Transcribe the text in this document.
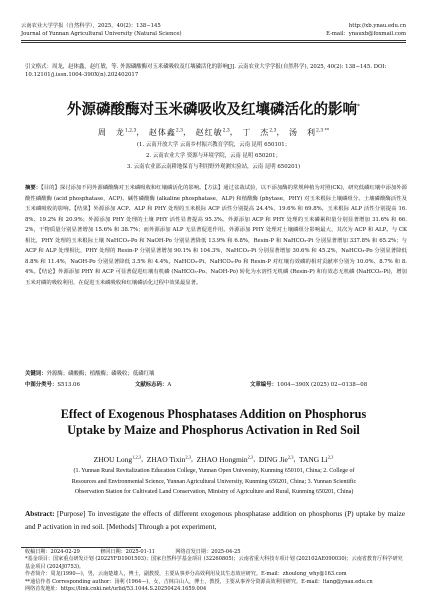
云南农业大学学报（自然科学），2025，40(2)：138−145	http://xb.ynau.edu.cn
Journal of Yunnan Agricultural University (Natural Science)	E-mail：ynauxb@foxmail.com
引文格式：周龙，赵体鑫，赵红敏，等. 外源磷酸酶对玉米磷吸收及红壤磷活化的影响[J]. 云南农业大学学报(自然科学), 2025, 40(2): 138−145. DOI: 10.12101/j.issn.1004-390X(n).202402017
外源磷酸酶对玉米磷吸收及红壤磷活化的影响*
周　龙$^{1,2,3}$， 赵体鑫$^{2,3}$， 赵红敏$^{2,3}$， 丁　杰$^{2,3}$， 汤　利$^{2,3 **}$
(1. 云南开放大学 云南乡村振兴教育学院，云南 昆明 650101；
2. 云南农业大学 资源与环境学院，云南 昆明 650201；
3. 云南农业部云南耕地保育与利用野外观测实验站，云南 昆明 650201)
摘要：【目的】探讨添加不同外源磷酸酶对玉米磷吸收和红壤磷活化的影响。【方法】通过盆栽试验，以不添加酶的常规种植为对照(CK)，研究低磷红壤中添加外源酸性磷酸酶 (acid phosphatase，ACP)、碱性磷酸酶 (alkaline phosphatase，ALP) 和植酸酶 (phytase，PHY) 对玉米根际土壤磷组分、土壤磷酸酶活性及玉米磷吸收的影响。【结果】外源添加 ACP、ALP 和 PHY 处理的玉米根际 ACP 活性分别提高 24.4%、19.6% 和 69.8%，玉米根际 ALP 活性分别提高 16.8%、19.2% 和 20.9%；外源添加 PHY 处理的土壤 PHY 活性显著提高 95.3%。外源添加 ACP 和 PHY 处理的玉米磷累积量分别显著增加 31.6% 和 66.2%，干物质量分别显著增加 15.6% 和 38.7%；而外源添加 ALP 无显著促进作用。外源添加 PHY 处理对土壤磷组分影响最大，其次为 ACP 和 ALP。与 CK 相比，PHY 处理的玉米根际土壤 NaHCO₃-Po 和 NaOH-Po 分别显著降低 13.9% 和 6.8%，Resin-P 和 NaHCO₃-Pi 分别显著增加 337.8% 和 65.2%；与 ACP 和 ALP 处理相比，PHY 处理的 Resin-P 分别显著增加 90.1% 和 104.3%，NaHCO₃-Pi 分别显著增加 30.6% 和 45.2%，NaHCO₃-Po 分别显著降低 8.8% 和 11.4%，NaOH-Po 分别显著降低 3.5% 和 4.4%。NaHCO₃-Pi、NaHCO₃-Po 和 Resin-P 对红壤有效磷的相对贡献率分别为 10.0%、8.7% 和 8.4%。【结论】外源添加 PHY 和 ACP 可显著促进红壤有机磷 (NaHCO₃-Po、NaOH-Po) 转化为水溶性无机磷 (Resin-P) 和有效态无机磷 (NaHCO₃-Pi)，增加玉米对磷的吸收利用，在促进玉米磷吸收和红壤磷活化过程中效果最显著。
关键词：外源酶；磷酸酶；植酸酶；磷吸收；低磷红壤
中图分类号：S513.06	文献标志码：A	文章编号：1004−390X (2025) 02−0138−08
Effect of Exogenous Phosphatases Addition on Phosphorus
Uptake by Maize and Phosphorus Activation in Red Soil
ZHOU Long$^{1,2,3}$,  ZHAO Tixin$^{2,3}$,  ZHAO Hongmin$^{2,3}$,  DING Jie$^{2,3}$,  TANG Li$^{2,3}$
(1. Yunnan Rural Revitalization Education College, Yunnan Open University, Kunming 650101, China; 2. College of
Resources and Environmental Science, Yunnan Agricultural University, Kunming 650201, China; 3. Yunnan Scientific
Observation Station for Cultivated Land Conservation, Ministry of Agriculture and Rural, Kunming 650201, China)
Abstract: [Purpose] To investigate the effects of different exogenous phosphatase addition on phosphorus (P) uptake by maize and P activation in red soil. [Methods] Through a pot experiment,

收稿日期：2024-02-29　　　　修回日期：2025-01-11　　　　网络首发日期：2025-04-25

*基金项目：国家重点研发计划 (2022YFD1901503)；国家自然科学基金项目 (32260805)；云南省重大科技专项计划 (202102AE090030)；云南省教育厅科学研究基金项目 (2024J0753)。

作者简介：周龙(1990—)，男，云南楚雄人，博士，副教授，主要从事养分高效利用及其生态效应研究。E-mail：zhoulong_why@163.com

**通信作者 Corresponding author：汤利 (1964—)，女，吉林白山人，博士，教授，主要从事养分资源高效利用研究。E-mail：ltang@ynau.edu.cn

网络首发地址：https://link.cnki.net/urlid/53.1044.S.20250424.1659.004
